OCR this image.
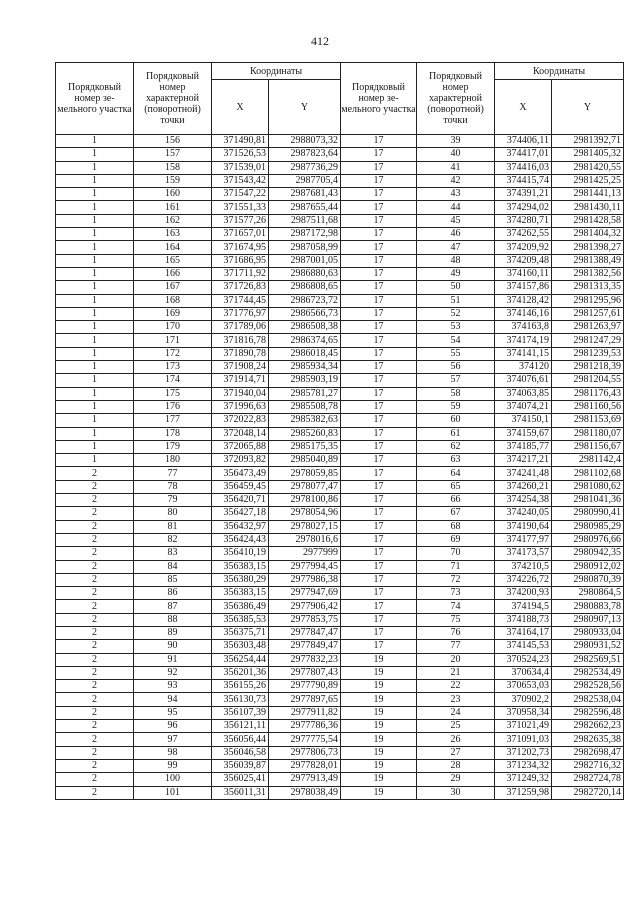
412
Порядковый номер зе-мельного участка	Порядковый номер характерной (поворотной) точки	Координаты		Порядковый номер зе-мельного участка	Порядковый номер характерной (поворотной) точки	Координаты	
		X	Y			X	Y
1	156	371490,81	2988073,32	17	39	374406,11	2981392,71
1	157	371526,53	2987823,64	17	40	374417,01	2981405,32
1	158	371539,01	2987736,29	17	41	374416,03	2981420,55
1	159	371543,42	2987705,4	17	42	374415,74	2981425,25
1	160	371547,22	2987681,43	17	43	374391,21	2981441,13
1	161	371551,33	2987655,44	17	44	374294,02	2981430,11
1	162	371577,26	2987511,68	17	45	374280,71	2981428,58
1	163	371657,01	2987172,98	17	46	374262,55	2981404,32
1	164	371674,95	2987058,99	17	47	374209,92	2981398,27
1	165	371686,95	2987001,05	17	48	374209,48	2981388,49
1	166	371711,92	2986880,63	17	49	374160,11	2981382,56
1	167	371726,83	2986808,65	17	50	374157,86	2981313,35
1	168	371744,45	2986723,72	17	51	374128,42	2981295,96
1	169	371776,97	2986566,73	17	52	374146,16	2981257,61
1	170	371789,06	2986508,38	17	53	374163,8	2981263,97
1	171	371816,78	2986374,65	17	54	374174,19	2981247,29
1	172	371890,78	2986018,45	17	55	374141,15	2981239,53
1	173	371908,24	2985934,34	17	56	374120	2981218,39
1	174	371914,71	2985903,19	17	57	374076,61	2981204,55
1	175	371940,04	2985781,27	17	58	374063,85	2981176,43
1	176	371996,63	2985508,78	17	59	374074,21	2981160,56
1	177	372022,83	2985382,63	17	60	374150,1	2981153,69
1	178	372048,14	2985260,83	17	61	374159,67	2981180,07
1	179	372065,88	2985175,35	17	62	374185,77	2981156,67
1	180	372093,82	2985040,89	17	63	374217,21	2981142,4
2	77	356473,49	2978059,85	17	64	374241,48	2981102,68
2	78	356459,45	2978077,47	17	65	374260,21	2981080,62
2	79	356420,71	2978100,86	17	66	374254,38	2981041,36
2	80	356427,18	2978054,96	17	67	374240,05	2980990,41
2	81	356432,97	2978027,15	17	68	374190,64	2980985,29
2	82	356424,43	2978016,6	17	69	374177,97	2980976,66
2	83	356410,19	2977999	17	70	374173,57	2980942,35
2	84	356383,15	2977994,45	17	71	374210,5	2980912,02
2	85	356380,29	2977986,38	17	72	374226,72	2980870,39
2	86	356383,15	2977947,69	17	73	374200,93	2980864,5
2	87	356386,49	2977906,42	17	74	374194,5	2980883,78
2	88	356385,53	2977853,75	17	75	374188,73	2980907,13
2	89	356375,71	2977847,47	17	76	374164,17	2980933,04
2	90	356303,48	2977849,47	17	77	374145,53	2980931,52
2	91	356254,44	2977832,23	19	20	370524,23	2982569,51
2	92	356201,36	2977807,43	19	21	370634,4	2982534,49
2	93	356155,26	2977790,89	19	22	370653,03	2982528,56
2	94	356130,73	2977897,65	19	23	370902,2	2982538,04
2	95	356107,39	2977911,82	19	24	370958,34	2982596,48
2	96	356121,11	2977786,36	19	25	371021,49	2982662,23
2	97	356056,44	2977775,54	19	26	371091,03	2982635,38
2	98	356046,58	2977806,73	19	27	371202,73	2982698,47
2	99	356039,87	2977828,01	19	28	371234,32	2982716,32
2	100	356025,41	2977913,49	19	29	371249,32	2982724,78
2	101	356011,31	2978038,49	19	30	371259,98	2982720,14
